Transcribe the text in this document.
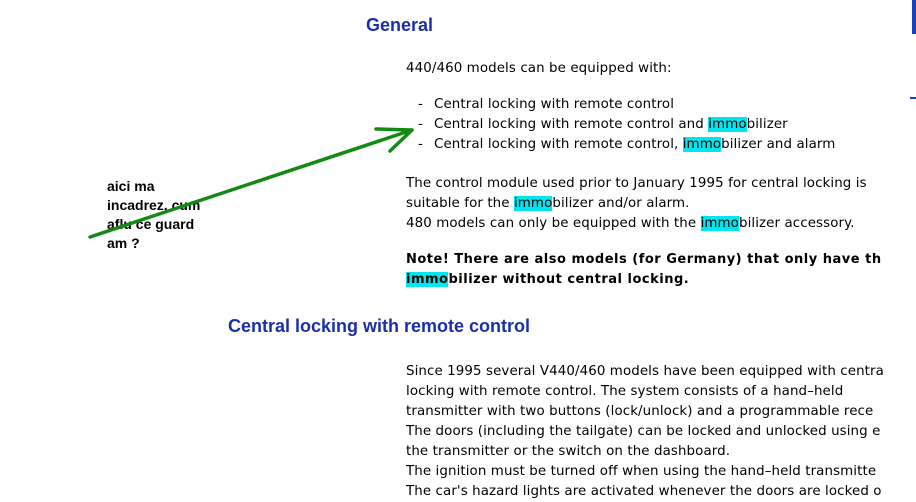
General
440/460 models can be equipped with:
- Central locking with remote control
- Central locking with remote control and immobilizer
- Central locking with remote control, immobilizer and alarm
The control module used prior to January 1995 for central locking is
suitable for the immobilizer and/or alarm.
480 models can only be equipped with the immobilizer accessory.
Note! There are also models (for Germany) that only have th
immobilizer without central locking.
aici ma
incadrez, cum
aflu ce guard
am ?
Central locking with remote control
Since 1995 several V440/460 models have been equipped with centra
locking with remote control. The system consists of a hand–held
transmitter with two buttons (lock/unlock) and a programmable rece
The doors (including the tailgate) can be locked and unlocked using e
the transmitter or the switch on the dashboard.
The ignition must be turned off when using the hand–held transmitte
The car's hazard lights are activated whenever the doors are locked o
